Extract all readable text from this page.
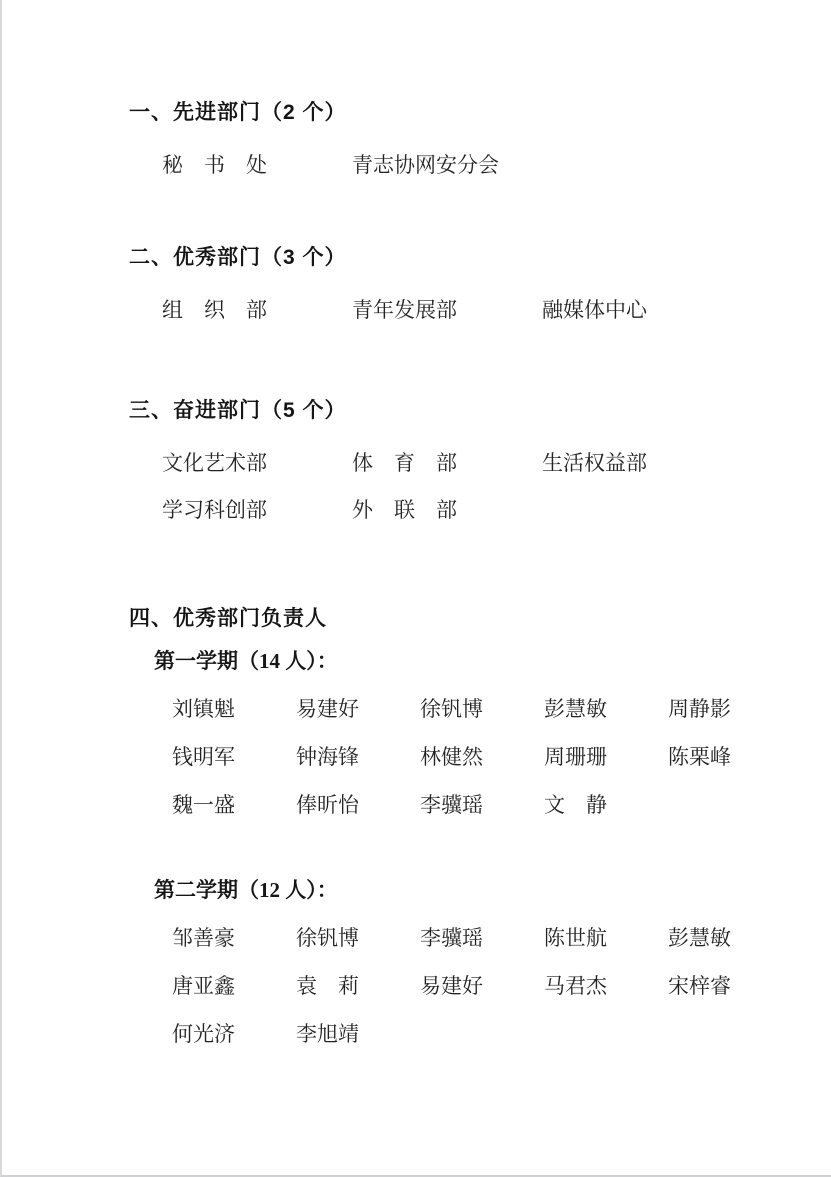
一、先进部门（2 个）
秘　书　处	青志协网安分会
二、优秀部门（3 个）
组　织　部	青年发展部	融媒体中心
三、奋进部门（5 个）
文化艺术部	体　育　部	生活权益部
学习科创部	外　联　部
四、优秀部门负责人
第一学期（14 人）：
刘镇魁	易建好	徐钒博	彭慧敏	周静影
钱明军	钟海锋	林健然	周珊珊	陈栗峰
魏一盛	俸昕怡	李骥瑶	文　静
第二学期（12 人）：
邹善豪	徐钒博	李骥瑶	陈世航	彭慧敏
唐亚鑫	袁　莉	易建好	马君杰	宋梓睿
何光济	李旭靖
